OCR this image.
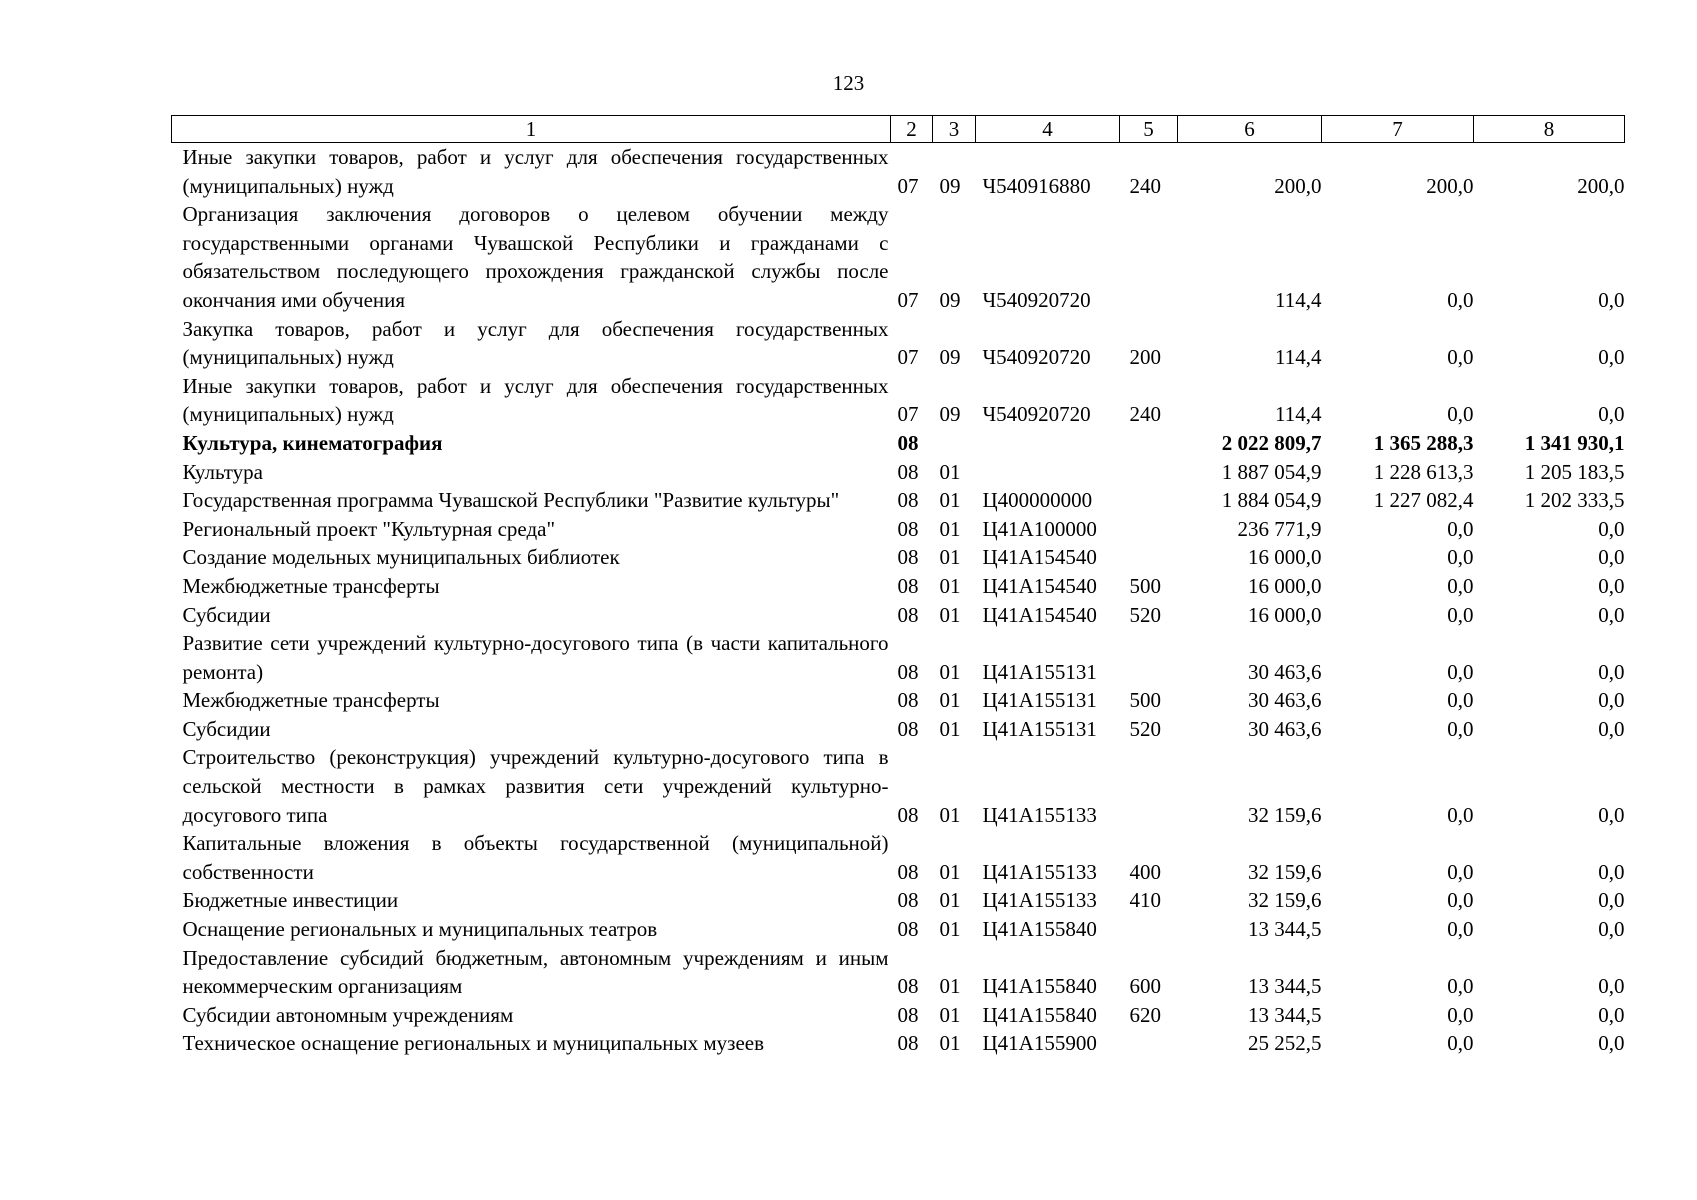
123
1	2	3	4	5	6	7	8
Иные закупки товаров, работ и услуг для обеспечения государственных (муниципальных) нужд	07	09	Ч540916880	240	200,0	200,0	200,0
Организация заключения договоров о целевом обучении между государственными органами Чувашской Республики и гражданами с обязательством последующего прохождения гражданской службы после окончания ими обучения	07	09	Ч540920720		114,4	0,0	0,0
Закупка товаров, работ и услуг для обеспечения государственных (муниципальных) нужд	07	09	Ч540920720	200	114,4	0,0	0,0
Иные закупки товаров, работ и услуг для обеспечения государственных (муниципальных) нужд	07	09	Ч540920720	240	114,4	0,0	0,0
Культура, кинематография	08				2 022 809,7	1 365 288,3	1 341 930,1
Культура	08	01			1 887 054,9	1 228 613,3	1 205 183,5
Государственная программа Чувашской Республики "Развитие культуры"	08	01	Ц400000000		1 884 054,9	1 227 082,4	1 202 333,5
Региональный проект "Культурная среда"	08	01	Ц41А100000		236 771,9	0,0	0,0
Создание модельных муниципальных библиотек	08	01	Ц41А154540		16 000,0	0,0	0,0
Межбюджетные трансферты	08	01	Ц41А154540	500	16 000,0	0,0	0,0
Субсидии	08	01	Ц41А154540	520	16 000,0	0,0	0,0
Развитие сети учреждений культурно-досугового типа (в части капитального ремонта)	08	01	Ц41А155131		30 463,6	0,0	0,0
Межбюджетные трансферты	08	01	Ц41А155131	500	30 463,6	0,0	0,0
Субсидии	08	01	Ц41А155131	520	30 463,6	0,0	0,0
Строительство (реконструкция) учреждений культурно-досугового типа в сельской местности в рамках развития сети учреждений культурно-досугового типа	08	01	Ц41А155133		32 159,6	0,0	0,0
Капитальные вложения в объекты государственной (муниципальной) собственности	08	01	Ц41А155133	400	32 159,6	0,0	0,0
Бюджетные инвестиции	08	01	Ц41А155133	410	32 159,6	0,0	0,0
Оснащение региональных и муниципальных театров	08	01	Ц41А155840		13 344,5	0,0	0,0
Предоставление субсидий бюджетным, автономным учреждениям и иным некоммерческим организациям	08	01	Ц41А155840	600	13 344,5	0,0	0,0
Субсидии автономным учреждениям	08	01	Ц41А155840	620	13 344,5	0,0	0,0
Техническое оснащение региональных и муниципальных музеев	08	01	Ц41А155900		25 252,5	0,0	0,0
